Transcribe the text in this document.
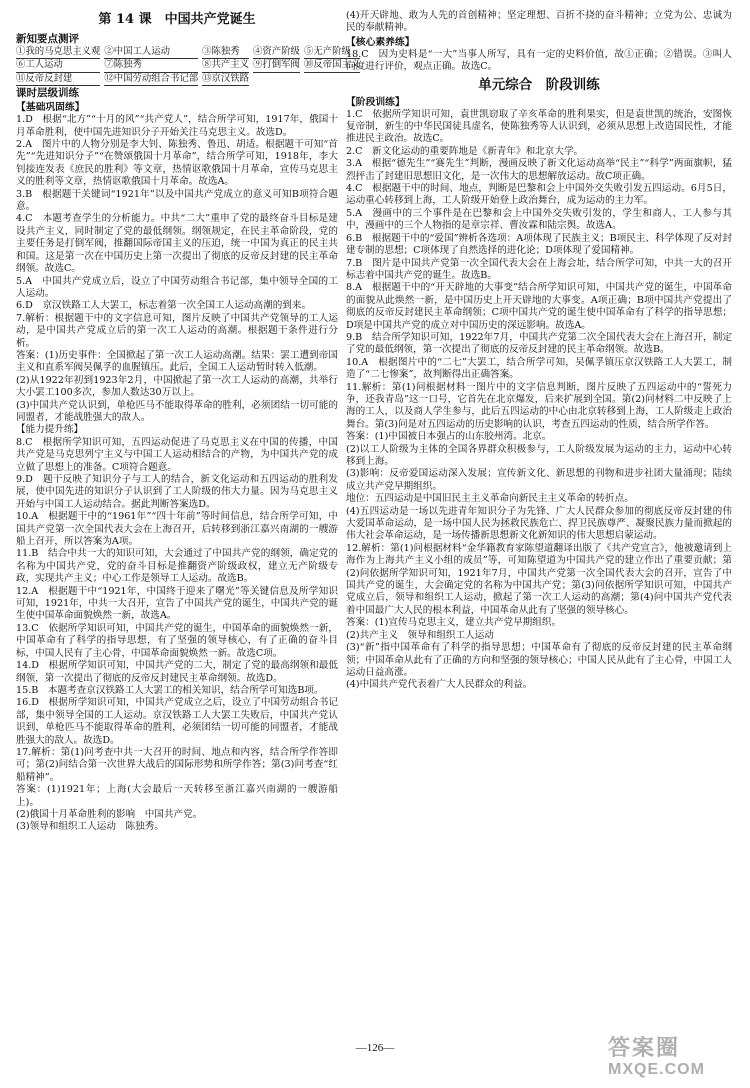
第 14 课　中国共产党诞生
新知要点测评
①我的马克思主义观 ②中国工人运动	③陈独秀	④资产阶级 ⑤无产阶级
⑥工人运动	⑦陈独秀	⑧共产主义 ⑨打倒军阀 ⑩反帝国主义
⑪反帝反封建	⑫中国劳动组合书记部 ⑬京汉铁路
课时层级训练
【基础巩固练】
1.D　根据“北方”“十月的风”“共产党人”，结合所学可知，1917年，俄国十月革命胜利，使中国先进知识分子开始关注马克思主义。故选D。
2.A　图片中的人物分别是李大钊、陈独秀、鲁迅、胡适。根据题干可知“首先”“先进知识分子”“在赞颂俄国十月革命”，结合所学可知，1918年，李大钊接连发表《庶民的胜利》等文章，热情讴歌俄国十月革命，宣传马克思主义的胜利等文章，热情讴歌俄国十月革命。故选A。
3.B　根据题干关键词“1921年”以及中国共产党成立的意义可知B项符合题意。
4.C　本题考查学生的分析能力。中共“二大”重申了党的最终奋斗目标是建设共产主义，同时制定了党的最低纲领。纲领规定，在民主革命阶段，党的主要任务是打倒军阀，推翻国际帝国主义的压迫，统一中国为真正的民主共和国。这是第一次在中国历史上第一次提出了彻底的反帝反封建的民主革命纲领。故选C。
5.A　中国共产党成立后，设立了中国劳动组合书记部，集中领导全国的工人运动。
6.D　京汉铁路工人大罢工，标志着第一次全国工人运动高潮的到来。
7.解析：根据题干中的文字信息可知，图片反映了中国共产党领导的工人运动，是中国共产党成立后的第一次工人运动的高潮。根据题干条件进行分析。
答案：(1)历史事件：全国掀起了第一次工人运动高潮。结果：罢工遭到帝国主义和直系军阀吴佩孚的血腥镇压。此后，全国工人运动暂时转入低潮。
(2)从1922年初到1923年2月，中国掀起了第一次工人运动的高潮，共举行大小罢工100多次，参加人数达30万以上。
(3)中国共产党认识到，单枪匹马不能取得革命的胜利，必须团结一切可能的同盟者，才能战胜强大的敌人。
【能力提升练】
8.C　根据所学知识可知，五四运动促进了马克思主义在中国的传播，中国共产党是马克思列宁主义与中国工人运动相结合的产物，为中国共产党的成立做了思想上的准备。C项符合题意。
9.D　题干反映了知识分子与工人的结合，新文化运动和五四运动的胜利发展，使中国先进的知识分子认识到了工人阶级的伟大力量。因为马克思主义开始与中国工人运动结合。据此判断答案选D。
10.A　根据题干中的“1961年”“四十年前”等时间信息，结合所学可知，中国共产党第一次全国代表大会在上海召开，后转移到浙江嘉兴南湖的一艘游船上召开，所以答案为A项。
11.B　结合中共一大的知识可知，大会通过了中国共产党的纲领，确定党的名称为中国共产党，党的奋斗目标是推翻资产阶级政权，建立无产阶级专政，实现共产主义；中心工作是领导工人运动。故选B。
12.A　根据题干中“1921年，中国终于迎来了曙光”等关键信息及所学知识可知，1921年，中共一大召开，宣告了中国共产党的诞生，中国共产党的诞生使中国革命面貌焕然一新，故选A。
13.C　依据所学知识可知，中国共产党的诞生，中国革命的面貌焕然一新，中国革命有了科学的指导思想，有了坚强的领导核心，有了正确的奋斗目标，中国人民有了主心骨，中国革命面貌焕然一新。故选C项。
14.D　根据所学知识可知，中国共产党的二大，制定了党的最高纲领和最低纲领，第一次提出了彻底的反帝反封建民主革命纲领。故选D。
15.B　本题考查京汉铁路工人大罢工的相关知识，结合所学可知选B项。
16.D　根据所学知识可知，中国共产党成立之后，设立了中国劳动组合书记部，集中领导全国的工人运动。京汉铁路工人大罢工失败后，中国共产党认识到，单枪匹马不能取得革命的胜利，必须团结一切可能的同盟者，才能战胜强大的敌人。故选D。
17.解析：第(1)问考查中共一大召开的时间、地点和内容，结合所学作答即可；第(2)问结合第一次世界大战后的国际形势和所学作答；第(3)问考查“红船精神”。
答案：(1)1921年；上海(大会最后一天转移至浙江嘉兴南湖的一艘游船上)。
(2)俄国十月革命胜利的影响　中国共产党。
(3)领导和组织工人运动　陈独秀。
(4)开天辟地、敢为人先的首创精神；坚定理想、百折不挠的奋斗精神；立党为公、忠诚为民的奉献精神。
【核心素养练】
18.C　因为史料是“一大”当事人所写，具有一定的史料价值，故①正确；②错误。③叫人向度进行评价，观点正确。故选C。
单元综合　阶段训练
【阶段训练】
1.C　依据所学知识可知，袁世凯窃取了辛亥革命的胜利果实，但是袁世凯的统治，安图恢复帝制，新生的中华民国徒具虚名，使陈独秀等人认识到，必须从思想上改造国民性，才能推进民主政治。故选C。
2.C　新文化运动的重要阵地是《新青年》和北京大学。
3.A　根据“德先生”“赛先生”判断，漫画反映了新文化运动高举“民主”“科学”两面旗帜，猛烈抨击了封建旧思想旧文化，是一次伟大的思想解放运动。故C项正确。
4.C　根据题干中的时间、地点，判断是巴黎和会上中国外交失败引发五四运动。6月5日，运动重心转移到上海，工人阶级开始登上政治舞台，成为运动的主力军。
5.A　漫画中的三个事件是在巴黎和会上中国外交失败引发的，学生和商人、工人参与其中，漫画中的三个人物指的是章宗祥、曹汝霖和陆宗舆。故选A。
6.B　根据题干中的“爱国”辨析各选项：A项体现了民族主义；B项民主、科学体现了反对封建专制的思想；C项体现了自然选择的进化论；D项体现了爱国精神。
7.B　图片是中国共产党第一次全国代表大会在上海会址，结合所学可知，中共一大的召开标志着中国共产党的诞生。故选B。
8.A　根据题干中的“开天辟地的大事变”结合所学知识可知，中国共产党的诞生，中国革命的面貌从此焕然一新，是中国历史上开天辟地的大事变。A项正确；B项中国共产党提出了彻底的反帝反封建民主革命纲领；C项中国共产党的诞生使中国革命有了科学的指导思想；D项是中国共产党的成立对中国历史的深远影响。故选A。
9.B　结合所学知识可知，1922年7月，中国共产党第二次全国代表大会在上海召开，制定了党的最低纲领，第一次提出了彻底的反帝反封建的民主革命纲领。故选B。
10.A　根据图片中的“二七”大罢工，结合所学可知，吴佩孚镇压京汉铁路工人大罢工，制造了“二七惨案”，故判断得出正确答案。
11.解析：第(1)问根据材料一图片中的文字信息判断，图片反映了五四运动中的“誓死力争，还我青岛”这一口号，它首先在北京爆发，后来扩展到全国。第(2)问材料二中反映了上海的工人，以及商人学生参与，此后五四运动的中心由北京转移到上海，工人阶级走上政治舞台。第(3)问是对五四运动的历史影响的认识，考查五四运动的性质，结合所学作答。
答案：(1)中国被日本强占的山东胶州湾。北京。
(2)以工人阶级为主体的全国各界群众积极参与，工人阶级发展为运动的主力，运动中心转移到上海。
(3)影响：反帝爱国运动深入发展；宣传新文化、新思想的刊物和进步社团大量涌现；陆续成立共产党早期组织。
地位：五四运动是中国旧民主主义革命向新民主主义革命的转折点。
(4)五四运动是一场以先进青年知识分子为先锋、广大人民群众参加的彻底反帝反封建的伟大爱国革命运动，是一场中国人民为拯救民族危亡、捍卫民族尊严、凝聚民族力量而掀起的伟大社会革命运动，是一场传播新思想新文化新知识的伟大思想启蒙运动。
12.解析：第(1)问根据材料“金华籍教育家陈望道翻译出版了《共产党宣言》，他被邀请到上海作为上海共产主义小组的成员”等，可知陈望道为中国共产党的建立作出了重要贡献；第(2)问依据所学知识可知，1921年7月，中国共产党第一次全国代表大会的召开，宣告了中国共产党的诞生，大会确定党的名称为中国共产党；第(3)问依据所学知识可知，中国共产党成立后，领导和组织工人运动，掀起了第一次工人运动的高潮；第(4)问中国共产党代表着中国最广大人民的根本利益，中国革命从此有了坚强的领导核心。
答案：(1)宣传马克思主义，建立共产党早期组织。
(2)共产主义　领导和组织工人运动
(3)“新”指中国革命有了科学的指导思想；中国革命有了彻底的反帝反封建的民主革命纲领；中国革命从此有了正确的方向和坚强的领导核心；中国人民从此有了主心骨，中国工人运动日益高涨。
(4)中国共产党代表着广大人民群众的利益。
—126—	答案圈
MXQE.COM
